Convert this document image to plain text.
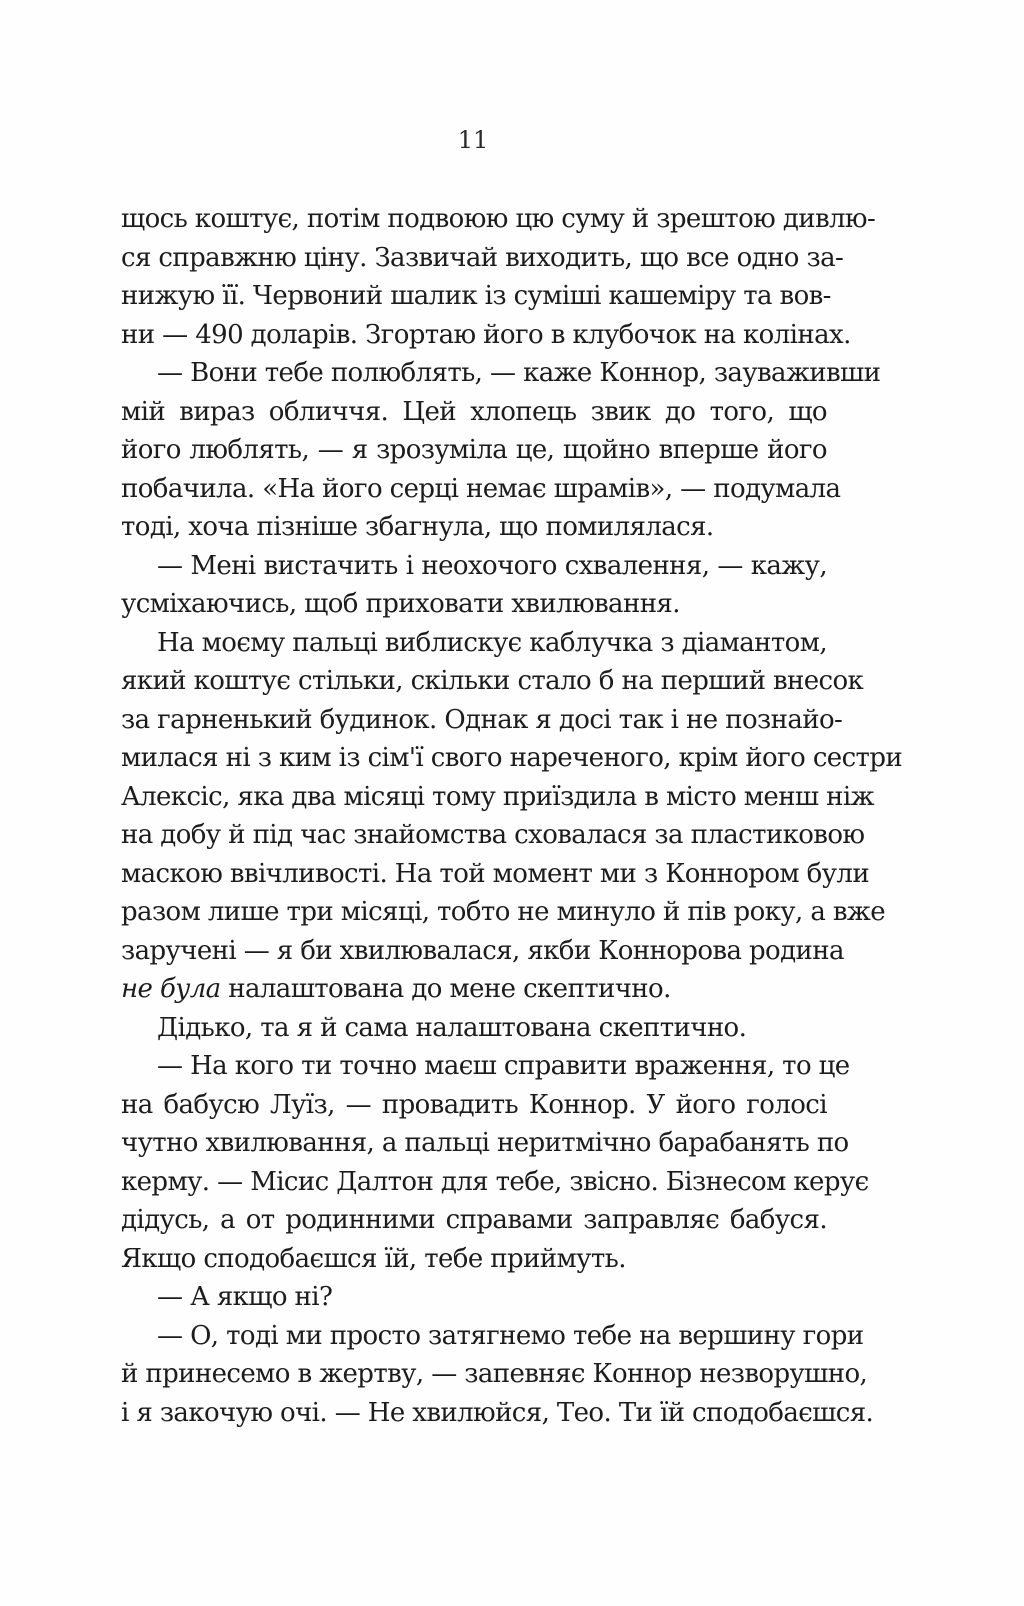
11
щось коштує, потім подвоюю цю суму й зрештою дивлю-
ся справжню ціну. Зазвичай виходить, що все одно за-
нижую її. Червоний шалик із суміші кашеміру та вов-
ни — 490 доларів. Згортаю його в клубочок на колінах.
— Вони тебе полюблять, — каже Коннор, зауваживши
мій вираз обличчя. Цей хлопець звик до того, що
його люблять, — я зрозуміла це, щойно вперше його
побачила. «На його серці немає шрамів», — подумала
тоді, хоча пізніше збагнула, що помилялася.
— Мені вистачить і неохочого схвалення, — кажу,
усміхаючись, щоб приховати хвилювання.
На моєму пальці виблискує каблучка з діамантом,
який коштує стільки, скільки стало б на перший внесок
за гарненький будинок. Однак я досі так і не познайо-
милася ні з ким із сім'ї свого нареченого, крім його сестри
Алексіс, яка два місяці тому приїздила в місто менш ніж
на добу й під час знайомства сховалася за пластиковою
маскою ввічливості. На той момент ми з Коннором були
разом лише три місяці, тобто не минуло й пів року, а вже
заручені — я би хвилювалася, якби Коннорова родина
не була налаштована до мене скептично.
Дідько, та я й сама налаштована скептично.
— На кого ти точно маєш справити враження, то це
на бабусю Луїз, — провадить Коннор. У його голосі
чутно хвилювання, а пальці неритмічно барабанять по
керму. — Місис Далтон для тебе, звісно. Бізнесом керує
дідусь, а от родинними справами заправляє бабуся.
Якщо сподобаєшся їй, тебе приймуть.
— А якщо ні?
— О, тоді ми просто затягнемо тебе на вершину гори
й принесемо в жертву, — запевняє Коннор незворушно,
і я закочую очі. — Не хвилюйся, Тео. Ти їй сподобаєшся.
